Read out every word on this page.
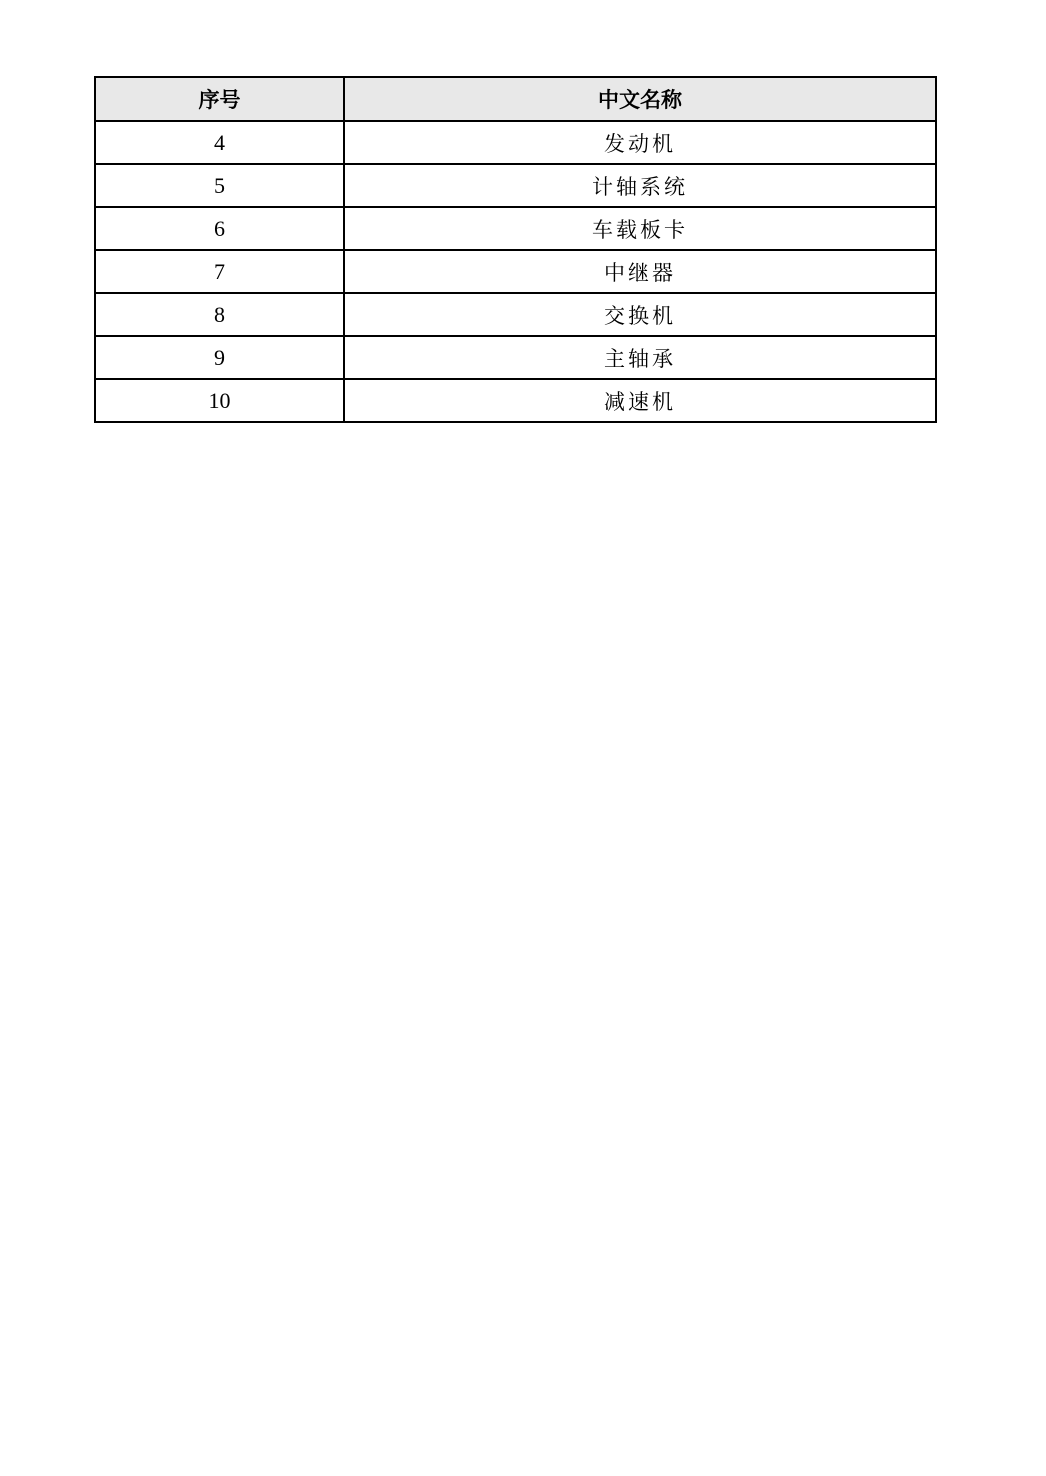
序号	中文名称
4	发动机
5	计轴系统
6	车载板卡
7	中继器
8	交换机
9	主轴承
10	减速机
